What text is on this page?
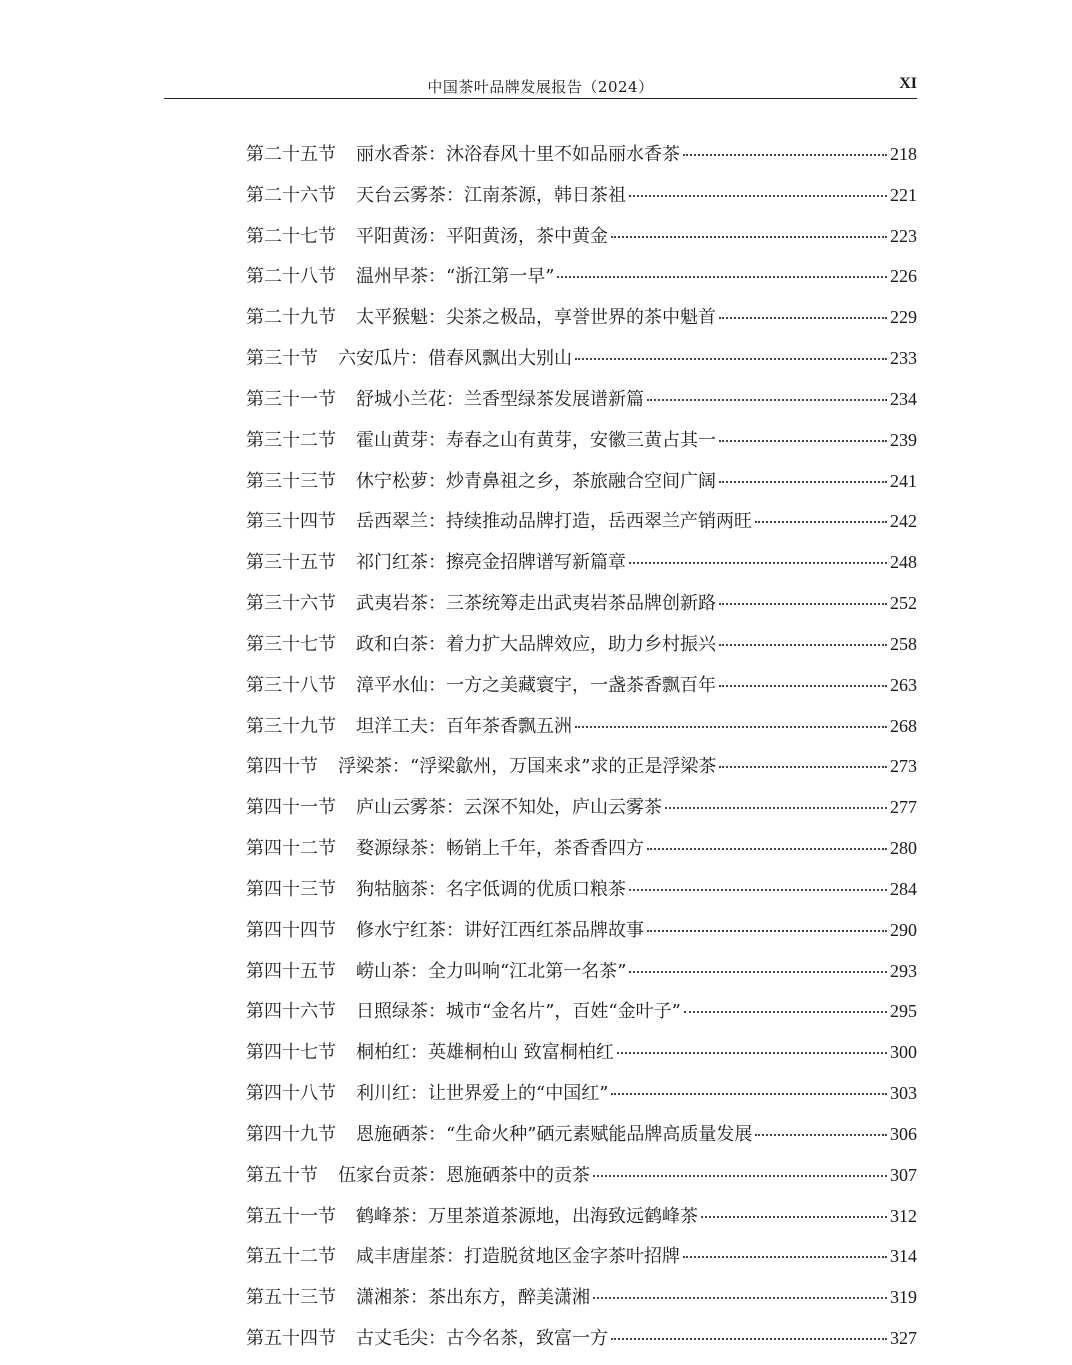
中国茶叶品牌发展报告（2024）	XI
第二十五节 丽水香茶：沐浴春风十里不如品丽水香茶	218
第二十六节 天台云雾茶：江南茶源，韩日茶祖	221
第二十七节 平阳黄汤：平阳黄汤，茶中黄金	223
第二十八节 温州早茶：“浙江第一早”	226
第二十九节 太平猴魁：尖茶之极品，享誉世界的茶中魁首	229
第三十节 六安瓜片：借春风飘出大别山	233
第三十一节 舒城小兰花：兰香型绿茶发展谱新篇	234
第三十二节 霍山黄芽：寿春之山有黄芽，安徽三黄占其一	239
第三十三节 休宁松萝：炒青鼻祖之乡，茶旅融合空间广阔	241
第三十四节 岳西翠兰：持续推动品牌打造，岳西翠兰产销两旺	242
第三十五节 祁门红茶：擦亮金招牌谱写新篇章	248
第三十六节 武夷岩茶：三茶统筹走出武夷岩茶品牌创新路	252
第三十七节 政和白茶：着力扩大品牌效应，助力乡村振兴	258
第三十八节 漳平水仙：一方之美藏寰宇，一盏茶香飘百年	263
第三十九节 坦洋工夫：百年茶香飘五洲	268
第四十节 浮梁茶：“浮梁歙州，万国来求”求的正是浮梁茶	273
第四十一节 庐山云雾茶：云深不知处，庐山云雾茶	277
第四十二节 婺源绿茶：畅销上千年，茶香香四方	280
第四十三节 狗牯脑茶：名字低调的优质口粮茶	284
第四十四节 修水宁红茶：讲好江西红茶品牌故事	290
第四十五节 崂山茶：全力叫响“江北第一名茶”	293
第四十六节 日照绿茶：城市“金名片”，百姓“金叶子”	295
第四十七节 桐柏红：英雄桐柏山 致富桐柏红	300
第四十八节 利川红：让世界爱上的“中国红”	303
第四十九节 恩施硒茶：“生命火种”硒元素赋能品牌高质量发展	306
第五十节 伍家台贡茶：恩施硒茶中的贡茶	307
第五十一节 鹤峰茶：万里茶道茶源地，出海致远鹤峰茶	312
第五十二节 咸丰唐崖茶：打造脱贫地区金字茶叶招牌	314
第五十三节 潇湘茶：茶出东方，醉美潇湘	319
第五十四节 古丈毛尖：古今名茶，致富一方	327
